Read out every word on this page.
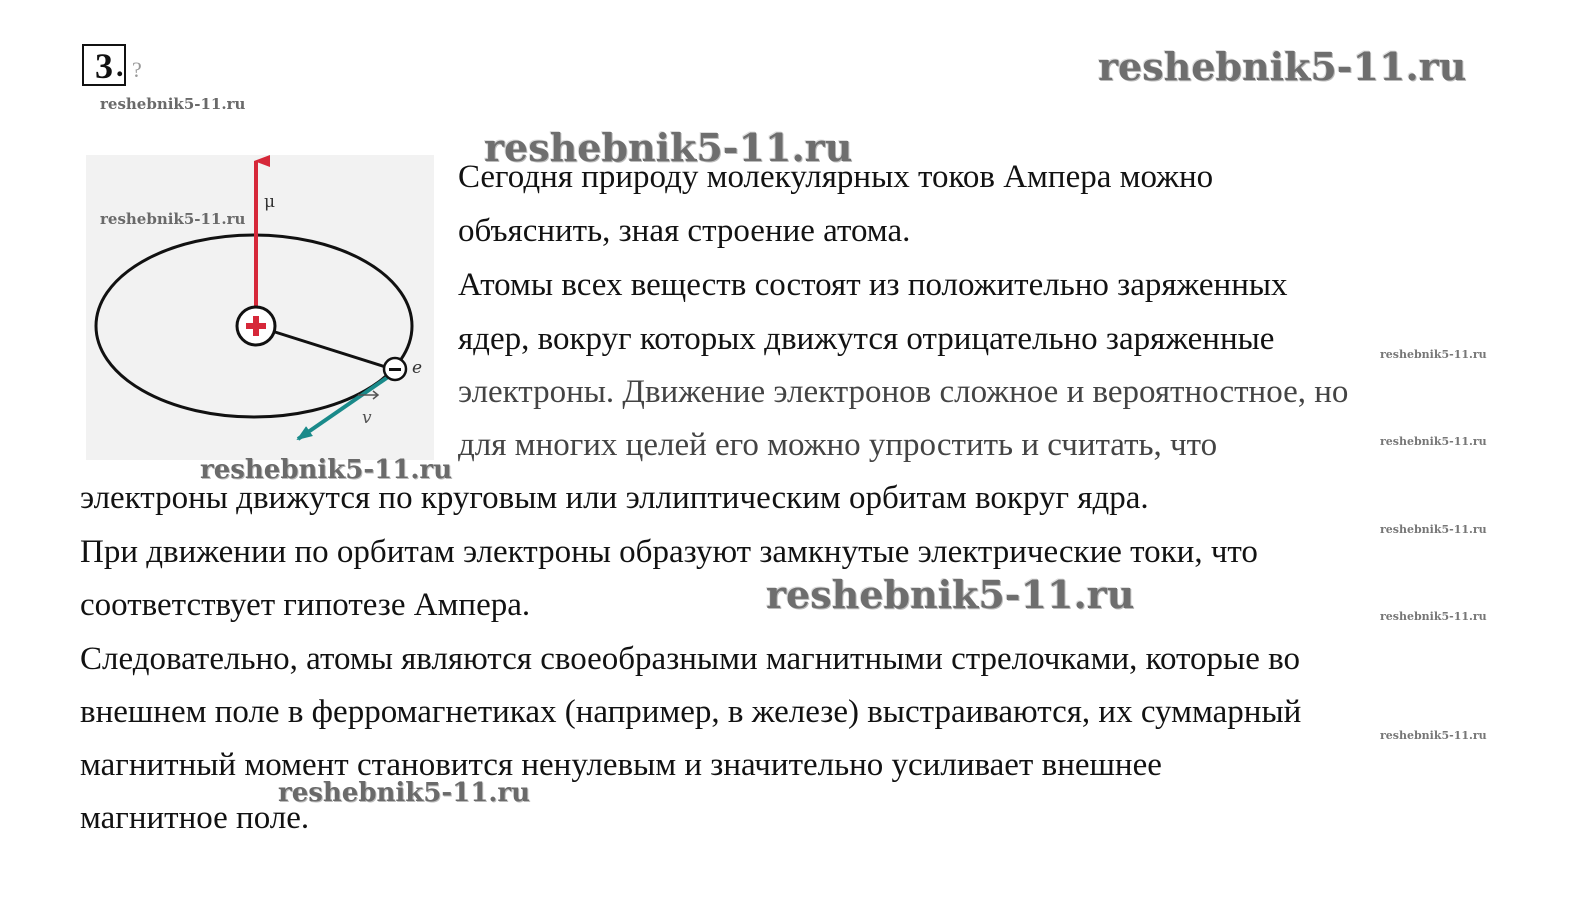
3 . ?
reshebnik5-11.ru
reshebnik5-11.ru
reshebnik5-11.ru
μ
e
v
reshebnik5-11.ru
reshebnik5-11.ru
Сегодня природу молекулярных токов Ампера можно
объяснить, зная строение атома.
Атомы всех веществ состоят из положительно заряженных
ядер, вокруг которых движутся отрицательно заряженные
электроны. Движение электронов сложное и вероятностное, но
для многих целей его можно упростить и считать, что
электроны движутся по круговым или эллиптическим орбитам вокруг ядра.
При движении по орбитам электроны образуют замкнутые электрические токи, что
соответствует гипотезе Ампера.
Следовательно, атомы являются своеобразными магнитными стрелочками, которые во
внешнем поле в ферромагнетиках (например, в железе) выстраиваются, их суммарный
магнитный момент становится ненулевым и значительно усиливает внешнее
магнитное поле.
reshebnik5-11.ru
reshebnik5-11.ru
reshebnik5-11.ru
reshebnik5-11.ru
reshebnik5-11.ru
reshebnik5-11.ru
reshebnik5-11.ru
